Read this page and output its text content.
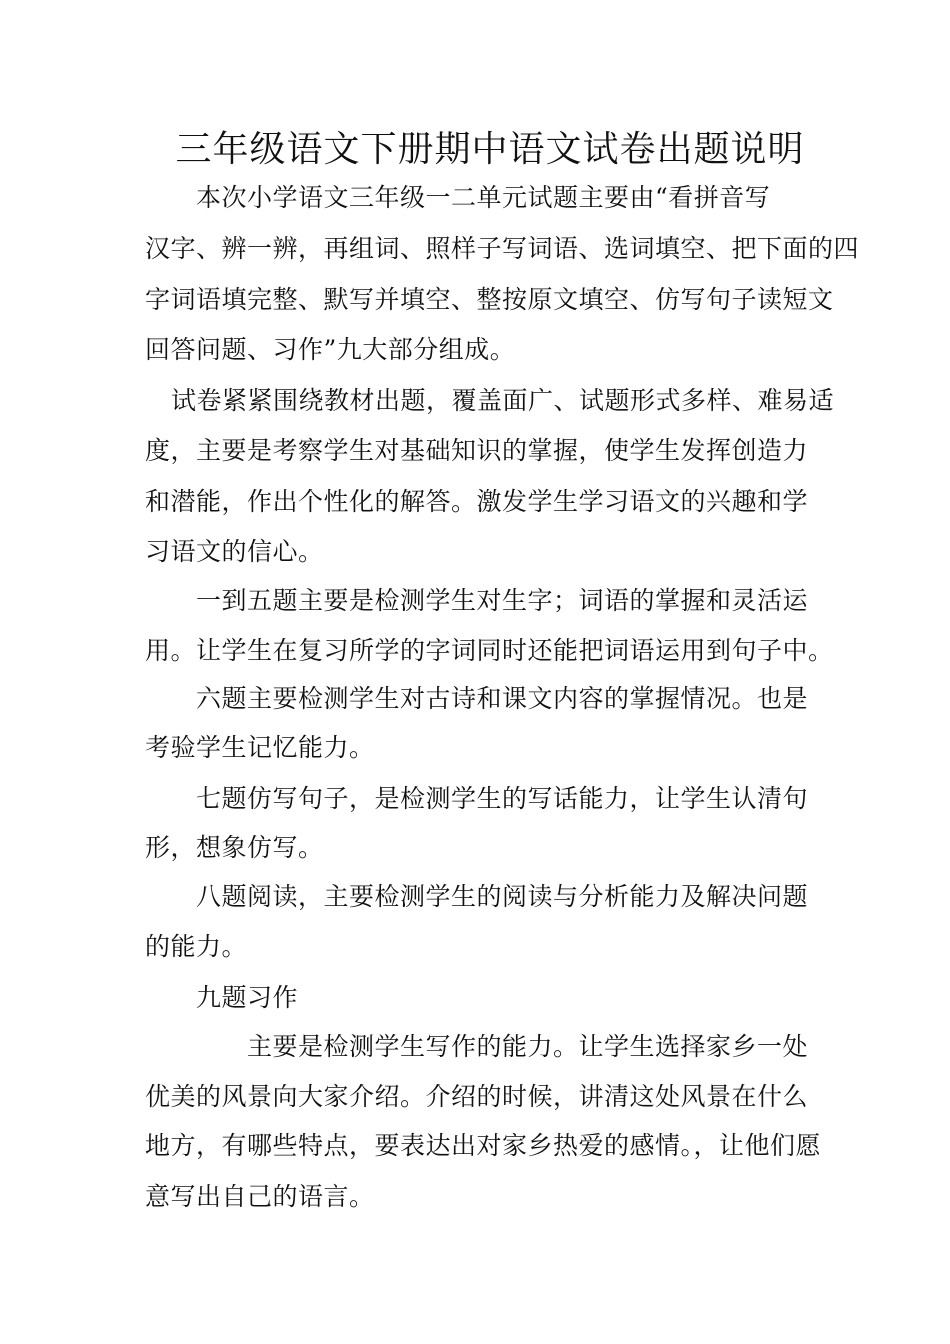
三年级语文下册期中语文试卷出题说明
本次小学语文三年级一二单元试题主要由“看拼音写
汉字、辨一辨，再组词、照样子写词语、选词填空、把下面的四
字词语填完整、默写并填空、整按原文填空、仿写句子读短文
回答问题、习作”九大部分组成。
试卷紧紧围绕教材出题，覆盖面广、试题形式多样、难易适
度，主要是考察学生对基础知识的掌握，使学生发挥创造力
和潜能，作出个性化的解答。激发学生学习语文的兴趣和学
习语文的信心。
一到五题主要是检测学生对生字；词语的掌握和灵活运
用。让学生在复习所学的字词同时还能把词语运用到句子中。
六题主要检测学生对古诗和课文内容的掌握情况。也是
考验学生记忆能力。
七题仿写句子，是检测学生的写话能力，让学生认清句
形，想象仿写。
八题阅读，主要检测学生的阅读与分析能力及解决问题
的能力。
九题习作
主要是检测学生写作的能力。让学生选择家乡一处
优美的风景向大家介绍。介绍的时候，讲清这处风景在什么
地方，有哪些特点，要表达出对家乡热爱的感情。，让他们愿
意写出自己的语言。
